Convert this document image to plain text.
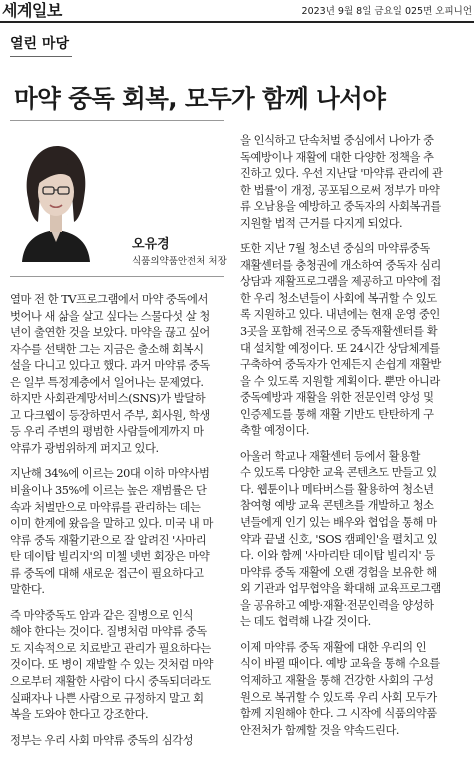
세계일보	2023년 9월 8일 금요일 025면 오피니언
열린 마당
마약 중독 회복, 모두가 함께 나서야
오유경
식품의약품안전처 처장
열마 전 한 TV프로그램에서 마약 중독에서
벗어나 새 삶을 살고 싶다는 스물다섯 살 청
년이 출연한 것을 보았다. 마약을 끊고 싶어
자수를 선택한 그는 지금은 출소해 회복시
설을 다니고 있다고 했다. 과거 마약류 중독
은 일부 특정계층에서 일어나는 문제였다.
하지만 사회관계망서비스(SNS)가 발달하
고 다크웹이 등장하면서 주부, 회사원, 학생
등 우리 주변의 평범한 사람들에게까지 마
약류가 광범위하게 퍼지고 있다.
지난해 34%에 이르는 20대 이하 마약사범
비율이나 35%에 이르는 높은 재범률은 단
속과 처벌만으로 마약류를 관리하는 데는
이미 한계에 왔음을 말하고 있다. 미국 내 마
약류 중독 재활기관으로 잘 알려진 '사마리
탄 데이탑 빌리지'의 미첼 넷번 회장은 마약
류 중독에 대해 새로운 접근이 필요하다고
말한다.
즉 마약중독도 암과 같은 질병으로 인식
해야 한다는 것이다. 질병처럼 마약류 중독
도 지속적으로 치료받고 관리가 필요하다는
것이다. 또 병이 재발할 수 있는 것처럼 마약
으로부터 재활한 사람이 다시 중독되더라도
실패자나 나쁜 사람으로 규정하지 말고 회
복을 도와야 한다고 강조한다.
정부는 우리 사회 마약류 중독의 심각성
을 인식하고 단속처벌 중심에서 나아가 중
독예방이나 재활에 대한 다양한 정책을 추
진하고 있다. 우선 지난달 '마약류 관리에 관
한 법률'이 개정, 공포됨으로써 정부가 마약
류 오남용을 예방하고 중독자의 사회복귀를
지원할 법적 근거를 다지게 되었다.
또한 지난 7월 청소년 중심의 마약류중독
재활센터를 충청권에 개소하여 중독자 심리
상담과 재활프로그램을 제공하고 마약에 접
한 우리 청소년들이 사회에 복귀할 수 있도
록 지원하고 있다. 내년에는 현재 운영 중인
3곳을 포함해 전국으로 중독재활센터를 확
대 설치할 예정이다. 또 24시간 상담체계를
구축하여 중독자가 언제든지 손쉽게 재활받
을 수 있도록 지원할 계획이다. 뿐만 아니라
중독예방과 재활을 위한 전문인력 양성 및
인증제도를 통해 재활 기반도 탄탄하게 구
축할 예정이다.
아울러 학교나 재활센터 등에서 활용할
수 있도록 다양한 교육 콘텐츠도 만들고 있
다. 웹툰이나 메타버스를 활용하여 청소년
참여형 예방 교육 콘텐츠를 개발하고 청소
년들에게 인기 있는 배우와 협업을 통해 마
약과 끝낼 신호, 'SOS 캠페인'을 펼치고 있
다. 이와 함께 '사마리탄 데이탑 빌리지' 등
마약류 중독 재활에 오랜 경험을 보유한 해
외 기관과 업무협약을 확대해 교육프로그램
을 공유하고 예방·재활·전문인력을 양성하
는 데도 협력해 나갈 것이다.
이제 마약류 중독 재활에 대한 우리의 인
식이 바뀔 때이다. 예방 교육을 통해 수요를
억제하고 재활을 통해 건강한 사회의 구성
원으로 복귀할 수 있도록 우리 사회 모두가
함께 지원해야 한다. 그 시작에 식품의약품
안전처가 함께할 것을 약속드린다.
